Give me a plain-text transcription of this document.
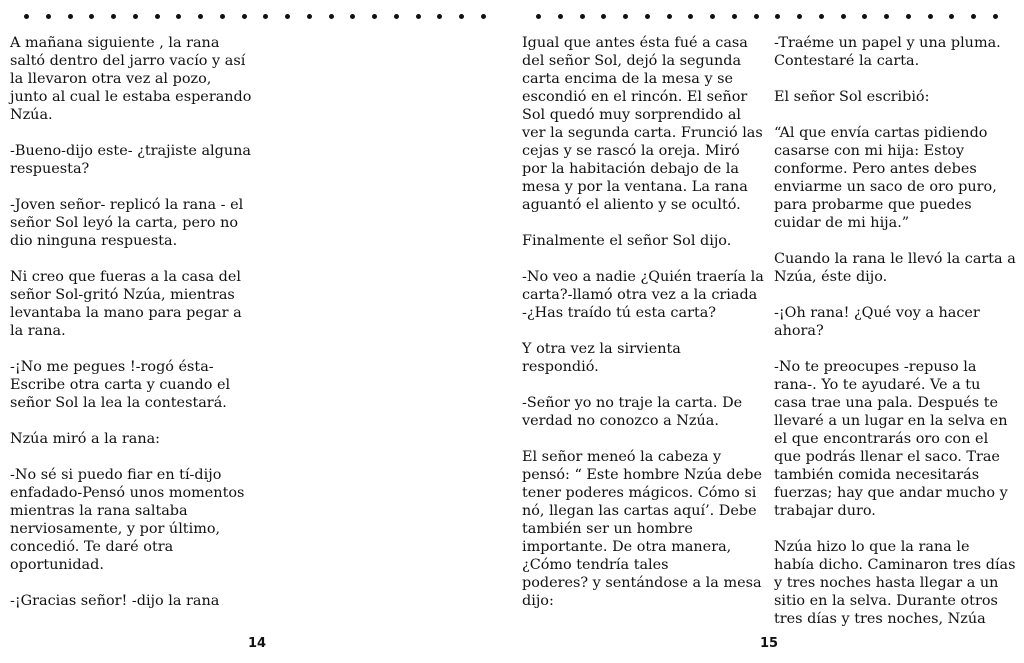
A mañana siguiente , la rana
saltó dentro del jarro vacío y así
la llevaron otra vez al pozo,
junto al cual le estaba esperando
Nzúa.

-Bueno-dijo este- ¿trajiste alguna
respuesta?

-Joven señor- replicó la rana - el
señor Sol leyó la carta, pero no
dio ninguna respuesta.

Ni creo que fueras a la casa del
señor Sol-gritó Nzúa, mientras
levantaba la mano para pegar a
la rana.

-¡No me pegues !-rogó ésta-
Escribe otra carta y cuando el
señor Sol la lea la contestará.

Nzúa miró a la rana:

-No sé si puedo fiar en tí-dijo
enfadado-Pensó unos momentos
mientras la rana saltaba
nerviosamente, y por último,
concedió. Te daré otra
oportunidad.

-¡Gracias señor! -dijo la rana

14

Igual que antes ésta fué a casa
del señor Sol, dejó la segunda
carta encima de la mesa y se
escondió en el rincón. El señor
Sol quedó muy sorprendido al
ver la segunda carta. Frunció las
cejas y se rascó la oreja. Miró
por la habitación debajo de la
mesa y por la ventana. La rana
aguantó el aliento y se ocultó.

Finalmente el señor Sol dijo.

-No veo a nadie ¿Quién traería la
carta?-llamó otra vez a la criada
-¿Has traído tú esta carta?

Y otra vez la sirvienta
respondió.

-Señor yo no traje la carta. De
verdad no conozco a Nzúa.

El señor meneó la cabeza y
pensó: “ Este hombre Nzúa debe
tener poderes mágicos. Cómo si
nó, llegan las cartas aquí’. Debe
también ser un hombre
importante. De otra manera,
¿Cómo tendría tales
poderes? y sentándose a la mesa
dijo:

-Traéme un papel y una pluma.
Contestaré la carta.

El señor Sol escribió:

“Al que envía cartas pidiendo
casarse con mi hija: Estoy
conforme. Pero antes debes
enviarme un saco de oro puro,
para probarme que puedes
cuidar de mi hija.”

Cuando la rana le llevó la carta a
Nzúa, éste dijo.

-¡Oh rana! ¿Qué voy a hacer
ahora?

-No te preocupes -repuso la
rana-. Yo te ayudaré. Ve a tu
casa trae una pala. Después te
llevaré a un lugar en la selva en
el que encontrarás oro con el
que podrás llenar el saco. Trae
también comida necesitarás
fuerzas; hay que andar mucho y
trabajar duro.

Nzúa hizo lo que la rana le
había dicho. Caminaron tres días
y tres noches hasta llegar a un
sitio en la selva. Durante otros
tres días y tres noches, Nzúa

15
